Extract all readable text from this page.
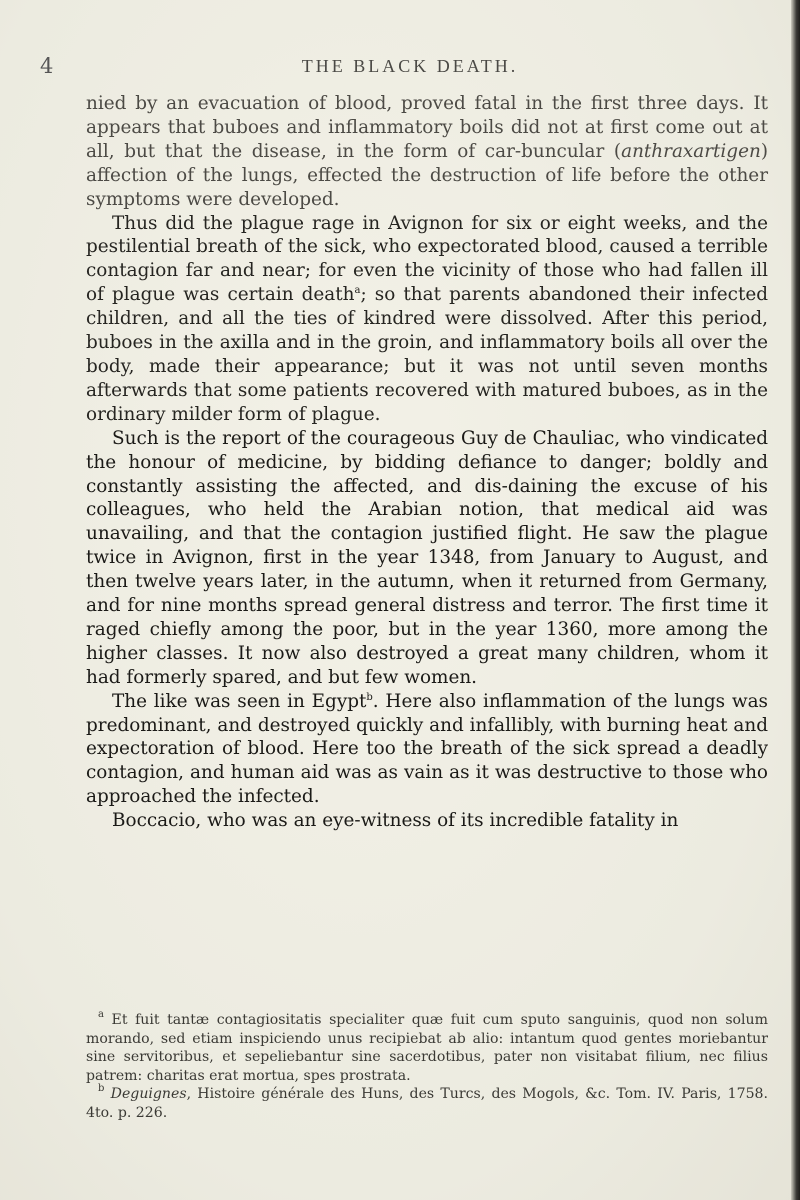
4	THE BLACK DEATH.

nied by an evacuation of blood, proved fatal in the first three days. It appears that buboes and inflammatory boils did not at first come out at all, but that the disease, in the form of car-buncular (anthraxartigen) affection of the lungs, effected the destruction of life before the other symptoms were developed.

Thus did the plague rage in Avignon for six or eight weeks, and the pestilential breath of the sick, who expectorated blood, caused a terrible contagion far and near; for even the vicinity of those who had fallen ill of plague was certain death$^a$; so that parents abandoned their infected children, and all the ties of kindred were dissolved. After this period, buboes in the axilla and in the groin, and inflammatory boils all over the body, made their appearance; but it was not until seven months afterwards that some patients recovered with matured buboes, as in the ordinary milder form of plague.

Such is the report of the courageous Guy de Chauliac, who vindicated the honour of medicine, by bidding defiance to danger; boldly and constantly assisting the affected, and dis-daining the excuse of his colleagues, who held the Arabian notion, that medical aid was unavailing, and that the contagion justified flight. He saw the plague twice in Avignon, first in the year 1348, from January to August, and then twelve years later, in the autumn, when it returned from Germany, and for nine months spread general distress and terror. The first time it raged chiefly among the poor, but in the year 1360, more among the higher classes. It now also destroyed a great many children, whom it had formerly spared, and but few women.

The like was seen in Egypt$^b$. Here also inflammation of the lungs was predominant, and destroyed quickly and infallibly, with burning heat and expectoration of blood. Here too the breath of the sick spread a deadly contagion, and human aid was as vain as it was destructive to those who approached the infected.

Boccacio, who was an eye-witness of its incredible fatality in

$^a$ Et fuit tantæ contagiositatis specialiter quæ fuit cum sputo sanguinis, quod non solum morando, sed etiam inspiciendo unus recipiebat ab alio: intantum quod gentes moriebantur sine servitoribus, et sepeliebantur sine sacerdotibus, pater non visitabat filium, nec filius patrem: charitas erat mortua, spes prostrata.

$^b$ Deguignes, Histoire générale des Huns, des Turcs, des Mogols, &c. Tom. IV. Paris, 1758. 4to. p. 226.
